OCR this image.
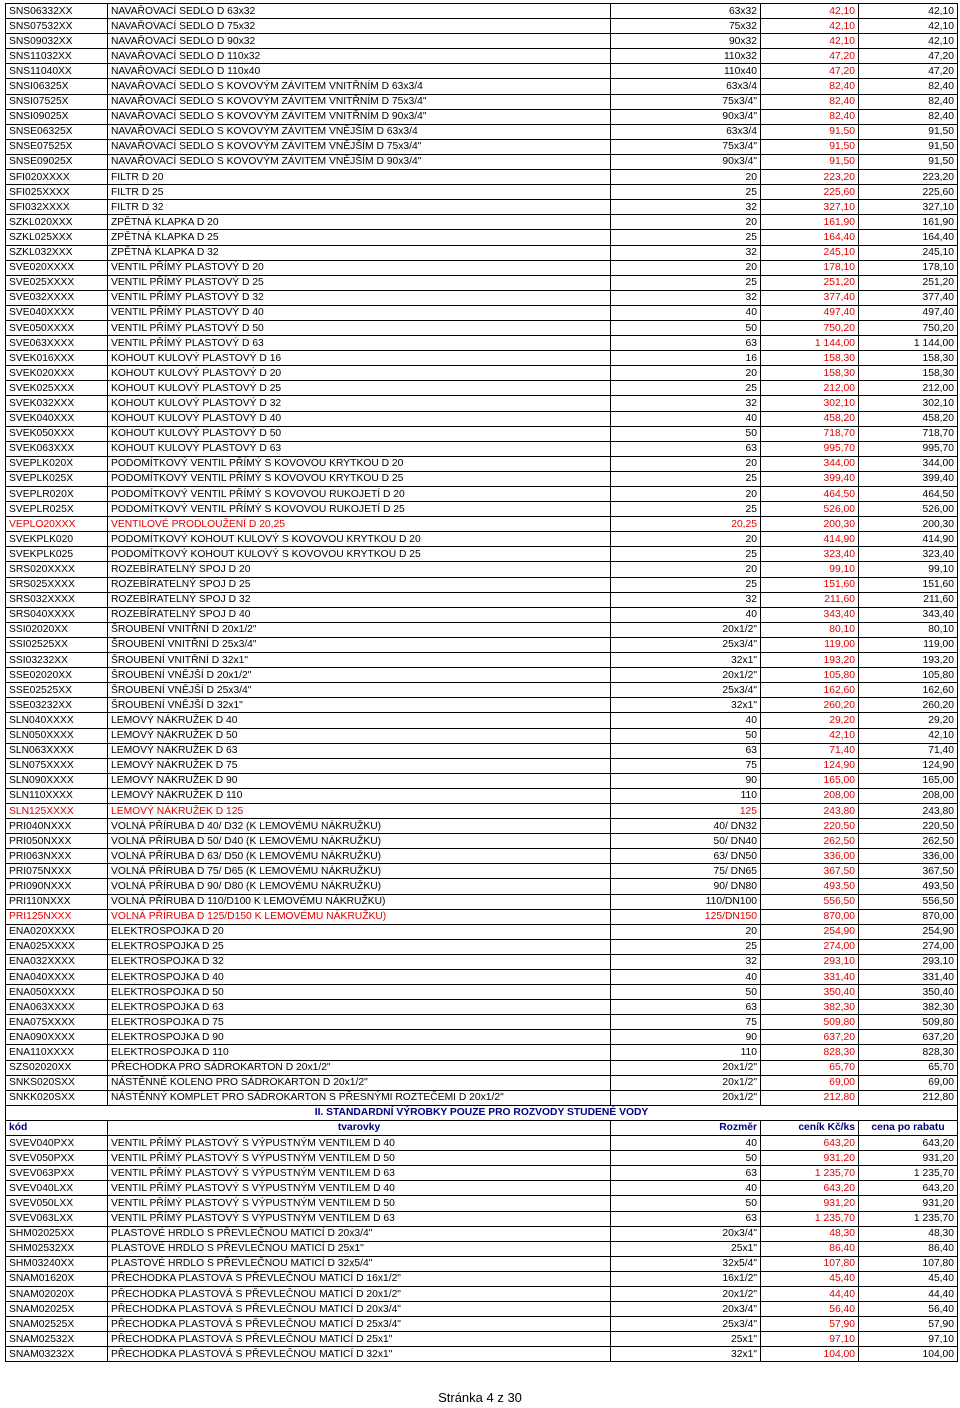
SNS06332XX	NAVAŘOVACÍ SEDLO D 63x32	63x32	42,10	42,10
SNS07532XX	NAVAŘOVACÍ SEDLO D 75x32	75x32	42,10	42,10
SNS09032XX	NAVAŘOVACÍ SEDLO D 90x32	90x32	42,10	42,10
SNS11032XX	NAVAŘOVACÍ SEDLO D 110x32	110x32	47,20	47,20
SNS11040XX	NAVAŘOVACÍ SEDLO D 110x40	110x40	47,20	47,20
SNSI06325X	NAVAŘOVACÍ SEDLO S KOVOVÝM ZÁVITEM VNITŘNÍM D 63x3/4	63x3/4	82,40	82,40
SNSI07525X	NAVAŘOVACÍ SEDLO S KOVOVÝM ZÁVITEM VNITŘNÍM D 75x3/4"	75x3/4"	82,40	82,40
SNSI09025X	NAVAŘOVACÍ SEDLO S KOVOVÝM ZÁVITEM VNITŘNÍM D 90x3/4"	90x3/4"	82,40	82,40
SNSE06325X	NAVAŘOVACÍ SEDLO S KOVOVÝM ZÁVITEM VNĚJŠÍM D 63x3/4	63x3/4	91,50	91,50
SNSE07525X	NAVAŘOVACÍ SEDLO S KOVOVÝM ZÁVITEM VNĚJŠÍM D 75x3/4"	75x3/4"	91,50	91,50
SNSE09025X	NAVAŘOVACÍ SEDLO S KOVOVÝM ZÁVITEM VNĚJŠÍM D 90x3/4"	90x3/4"	91,50	91,50
SFI020XXXX	FILTR D 20	20	223,20	223,20
SFI025XXXX	FILTR D 25	25	225,60	225,60
SFI032XXXX	FILTR D 32	32	327,10	327,10
SZKL020XXX	ZPĚTNÁ KLAPKA D 20	20	161,90	161,90
SZKL025XXX	ZPĚTNÁ KLAPKA D 25	25	164,40	164,40
SZKL032XXX	ZPĚTNÁ KLAPKA D 32	32	245,10	245,10
SVE020XXXX	VENTIL PŘÍMÝ PLASTOVÝ D 20	20	178,10	178,10
SVE025XXXX	VENTIL PŘÍMÝ PLASTOVÝ D 25	25	251,20	251,20
SVE032XXXX	VENTIL PŘÍMÝ PLASTOVÝ D 32	32	377,40	377,40
SVE040XXXX	VENTIL PŘÍMÝ PLASTOVÝ D 40	40	497,40	497,40
SVE050XXXX	VENTIL PŘÍMÝ PLASTOVÝ D 50	50	750,20	750,20
SVE063XXXX	VENTIL PŘÍMÝ PLASTOVÝ D 63	63	1 144,00	1 144,00
SVEK016XXX	KOHOUT KULOVÝ PLASTOVÝ D 16	16	158,30	158,30
SVEK020XXX	KOHOUT KULOVÝ PLASTOVÝ D 20	20	158,30	158,30
SVEK025XXX	KOHOUT KULOVÝ PLASTOVÝ D 25	25	212,00	212,00
SVEK032XXX	KOHOUT KULOVÝ PLASTOVÝ D 32	32	302,10	302,10
SVEK040XXX	KOHOUT KULOVÝ PLASTOVÝ D 40	40	458,20	458,20
SVEK050XXX	KOHOUT KULOVÝ PLASTOVÝ D 50	50	718,70	718,70
SVEK063XXX	KOHOUT KULOVÝ PLASTOVÝ D 63	63	995,70	995,70
SVEPLK020X	PODOMÍTKOVÝ VENTIL PŘÍMÝ S KOVOVOU KRYTKOU D 20	20	344,00	344,00
SVEPLK025X	PODOMÍTKOVÝ VENTIL PŘÍMÝ S KOVOVOU KRYTKOU D 25	25	399,40	399,40
SVEPLR020X	PODOMÍTKOVÝ VENTIL PŘÍMÝ S KOVOVOU RUKOJETÍ D 20	20	464,50	464,50
SVEPLR025X	PODOMÍTKOVÝ VENTIL PŘÍMÝ S KOVOVOU RUKOJETÍ D 25	25	526,00	526,00
VEPLO20XXX	VENTILOVÉ PRODLOUŽENÍ D 20,25	20,25	200,30	200,30
SVEKPLK020	PODOMÍTKOVÝ KOHOUT KULOVÝ S KOVOVOU KRYTKOU D 20	20	414,90	414,90
SVEKPLK025	PODOMÍTKOVÝ KOHOUT KULOVÝ S KOVOVOU KRYTKOU D 25	25	323,40	323,40
SRS020XXXX	ROZEBÍRATELNÝ SPOJ D 20	20	99,10	99,10
SRS025XXXX	ROZEBÍRATELNÝ SPOJ D 25	25	151,60	151,60
SRS032XXXX	ROZEBÍRATELNÝ SPOJ D 32	32	211,60	211,60
SRS040XXXX	ROZEBÍRATELNÝ SPOJ D 40	40	343,40	343,40
SSI02020XX	ŠROUBENÍ VNITŘNÍ D 20x1/2"	20x1/2"	80,10	80,10
SSI02525XX	ŠROUBENÍ VNITŘNÍ D 25x3/4"	25x3/4"	119,00	119,00
SSI03232XX	ŠROUBENÍ VNITŘNÍ D 32x1"	32x1"	193,20	193,20
SSE02020XX	ŠROUBENÍ VNĚJŠÍ D 20x1/2"	20x1/2"	105,80	105,80
SSE02525XX	ŠROUBENÍ VNĚJŠÍ D 25x3/4"	25x3/4"	162,60	162,60
SSE03232XX	ŠROUBENÍ VNĚJŠÍ D 32x1"	32x1"	260,20	260,20
SLN040XXXX	LEMOVÝ NÁKRUŽEK D 40	40	29,20	29,20
SLN050XXXX	LEMOVÝ NÁKRUŽEK D 50	50	42,10	42,10
SLN063XXXX	LEMOVÝ NÁKRUŽEK D 63	63	71,40	71,40
SLN075XXXX	LEMOVÝ NÁKRUŽEK D 75	75	124,90	124,90
SLN090XXXX	LEMOVÝ NÁKRUŽEK D 90	90	165,00	165,00
SLN110XXXX	LEMOVÝ NÁKRUŽEK D 110	110	208,00	208,00
SLN125XXXX	LEMOVÝ NÁKRUŽEK D 125	125	243,80	243,80
PRI040NXXX	VOLNÁ PŘÍRUBA D 40/ D32 (K LEMOVÉMU NÁKRUŽKU)	40/ DN32	220,50	220,50
PRI050NXXX	VOLNÁ PŘÍRUBA D 50/ D40 (K LEMOVÉMU NÁKRUŽKU)	50/ DN40	262,50	262,50
PRI063NXXX	VOLNÁ PŘÍRUBA D 63/ D50 (K LEMOVÉMU NÁKRUŽKU)	63/ DN50	336,00	336,00
PRI075NXXX	VOLNÁ PŘÍRUBA D 75/ D65 (K LEMOVÉMU NÁKRUŽKU)	75/ DN65	367,50	367,50
PRI090NXXX	VOLNÁ PŘÍRUBA D 90/ D80 (K LEMOVÉMU NÁKRUŽKU)	90/ DN80	493,50	493,50
PRI110NXXX	VOLNÁ PŘÍRUBA D 110/D100 K LEMOVÉMU NÁKRUŽKU)	110/DN100	556,50	556,50
PRI125NXXX	VOLNÁ PŘÍRUBA D 125/D150 K LEMOVÉMU NÁKRUŽKU)	125/DN150	870,00	870,00
ENA020XXXX	ELEKTROSPOJKA D 20	20	254,90	254,90
ENA025XXXX	ELEKTROSPOJKA D 25	25	274,00	274,00
ENA032XXXX	ELEKTROSPOJKA D 32	32	293,10	293,10
ENA040XXXX	ELEKTROSPOJKA D 40	40	331,40	331,40
ENA050XXXX	ELEKTROSPOJKA D 50	50	350,40	350,40
ENA063XXXX	ELEKTROSPOJKA D 63	63	382,30	382,30
ENA075XXXX	ELEKTROSPOJKA D 75	75	509,80	509,80
ENA090XXXX	ELEKTROSPOJKA D 90	90	637,20	637,20
ENA110XXXX	ELEKTROSPOJKA D 110	110	828,30	828,30
SZS02020XX	PŘECHODKA PRO SÁDROKARTON D 20x1/2"	20x1/2"	65,70	65,70
SNKS020SXX	NÁSTĚNNÉ KOLENO PRO SÁDROKARTON D 20x1/2"	20x1/2"	69,00	69,00
SNKK020SXX	NÁSTĚNNÝ KOMPLET PRO SÁDROKARTON S PŘESNÝMI ROZTEČEMI D 20x1/2"	20x1/2"	212,80	212,80
II. STANDARDNÍ VÝROBKY POUZE PRO ROZVODY STUDENÉ VODY				
kód	tvarovky	Rozměr	ceník Kč/ks	cena po rabatu
SVEV040PXX	VENTIL PŘÍMÝ PLASTOVÝ S VÝPUSTNÝM VENTILEM D 40	40	643,20	643,20
SVEV050PXX	VENTIL PŘÍMÝ PLASTOVÝ S VÝPUSTNÝM VENTILEM D 50	50	931,20	931,20
SVEV063PXX	VENTIL PŘÍMÝ PLASTOVÝ S VÝPUSTNÝM VENTILEM D 63	63	1 235,70	1 235,70
SVEV040LXX	VENTIL PŘÍMÝ PLASTOVÝ S VÝPUSTNÝM VENTILEM D 40	40	643,20	643,20
SVEV050LXX	VENTIL PŘÍMÝ PLASTOVÝ S VÝPUSTNÝM VENTILEM D 50	50	931,20	931,20
SVEV063LXX	VENTIL PŘÍMÝ PLASTOVÝ S VÝPUSTNÝM VENTILEM D 63	63	1 235,70	1 235,70
SHM02025XX	PLASTOVÉ HRDLO S PŘEVLEČNOU MATICÍ D 20x3/4"	20x3/4"	48,30	48,30
SHM02532XX	PLASTOVÉ HRDLO S PŘEVLEČNOU MATICÍ D 25x1"	25x1"	86,40	86,40
SHM03240XX	PLASTOVÉ HRDLO S PŘEVLEČNOU MATICÍ D 32x5/4"	32x5/4"	107,80	107,80
SNAM01620X	PŘECHODKA PLASTOVÁ S PŘEVLEČNOU MATICÍ D 16x1/2"	16x1/2"	45,40	45,40
SNAM02020X	PŘECHODKA PLASTOVÁ S PŘEVLEČNOU MATICÍ D 20x1/2"	20x1/2"	44,40	44,40
SNAM02025X	PŘECHODKA PLASTOVÁ S PŘEVLEČNOU MATICÍ D 20x3/4"	20x3/4"	56,40	56,40
SNAM02525X	PŘECHODKA PLASTOVÁ S PŘEVLEČNOU MATICÍ D 25x3/4"	25x3/4"	57,90	57,90
SNAM02532X	PŘECHODKA PLASTOVÁ S PŘEVLEČNOU MATICÍ D 25x1"	25x1"	97,10	97,10
SNAM03232X	PŘECHODKA PLASTOVÁ S PŘEVLEČNOU MATICÍ D 32x1"	32x1"	104,00	104,00
Stránka 4 z 30
